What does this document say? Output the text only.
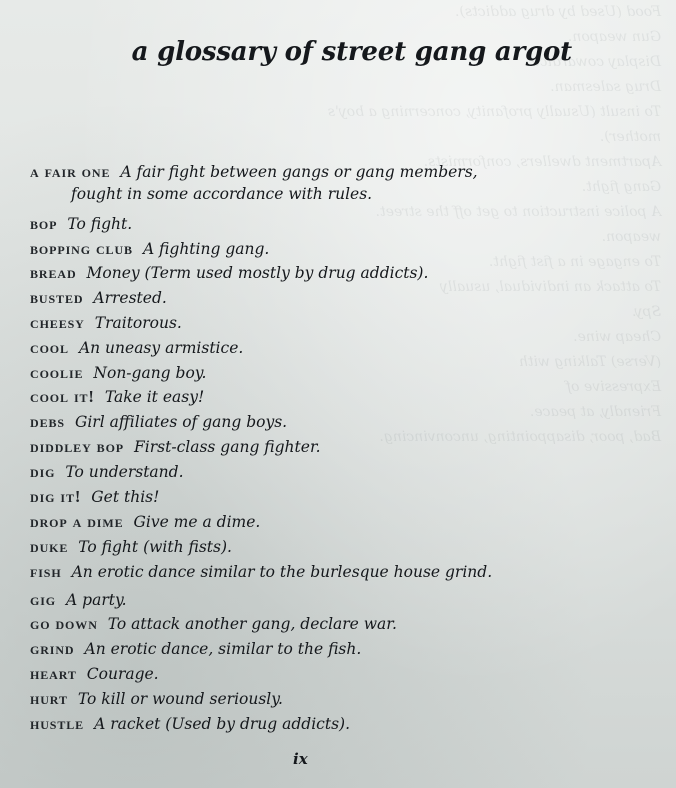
Food (Used by drug addicts).
Gun weapon.
Display cowardice.
Drug salesman.
To insult (Usually profanity, concerning a boy's
mother).
Apartment dwellers, conformists.
Gang fight.
A police instruction to get off the street.
weapon.
To engage in a fist fight.
To attack an individual, usually
Spy.
Cheap wine.
(Verse) Talking with
Expressive of
Friendly, at peace.
Bad, poor, disappointing, unconvincing.
a glossary of street gang argot
a fair one A fair fight between gangs or gang members,
fought in some accordance with rules.
bop To fight.
bopping club A fighting gang.
bread Money (Term used mostly by drug addicts).
busted Arrested.
cheesy Traitorous.
cool An uneasy armistice.
coolie Non-gang boy.
cool it! Take it easy!
debs Girl affiliates of gang boys.
diddley bop First-class gang fighter.
dig To understand.
dig it! Get this!
drop a dime Give me a dime.
duke To fight (with fists).
fish An erotic dance similar to the burlesque house grind.
gig A party.
go down To attack another gang, declare war.
grind An erotic dance, similar to the fish.
heart Courage.
hurt To kill or wound seriously.
hustle A racket (Used by drug addicts).
ix
